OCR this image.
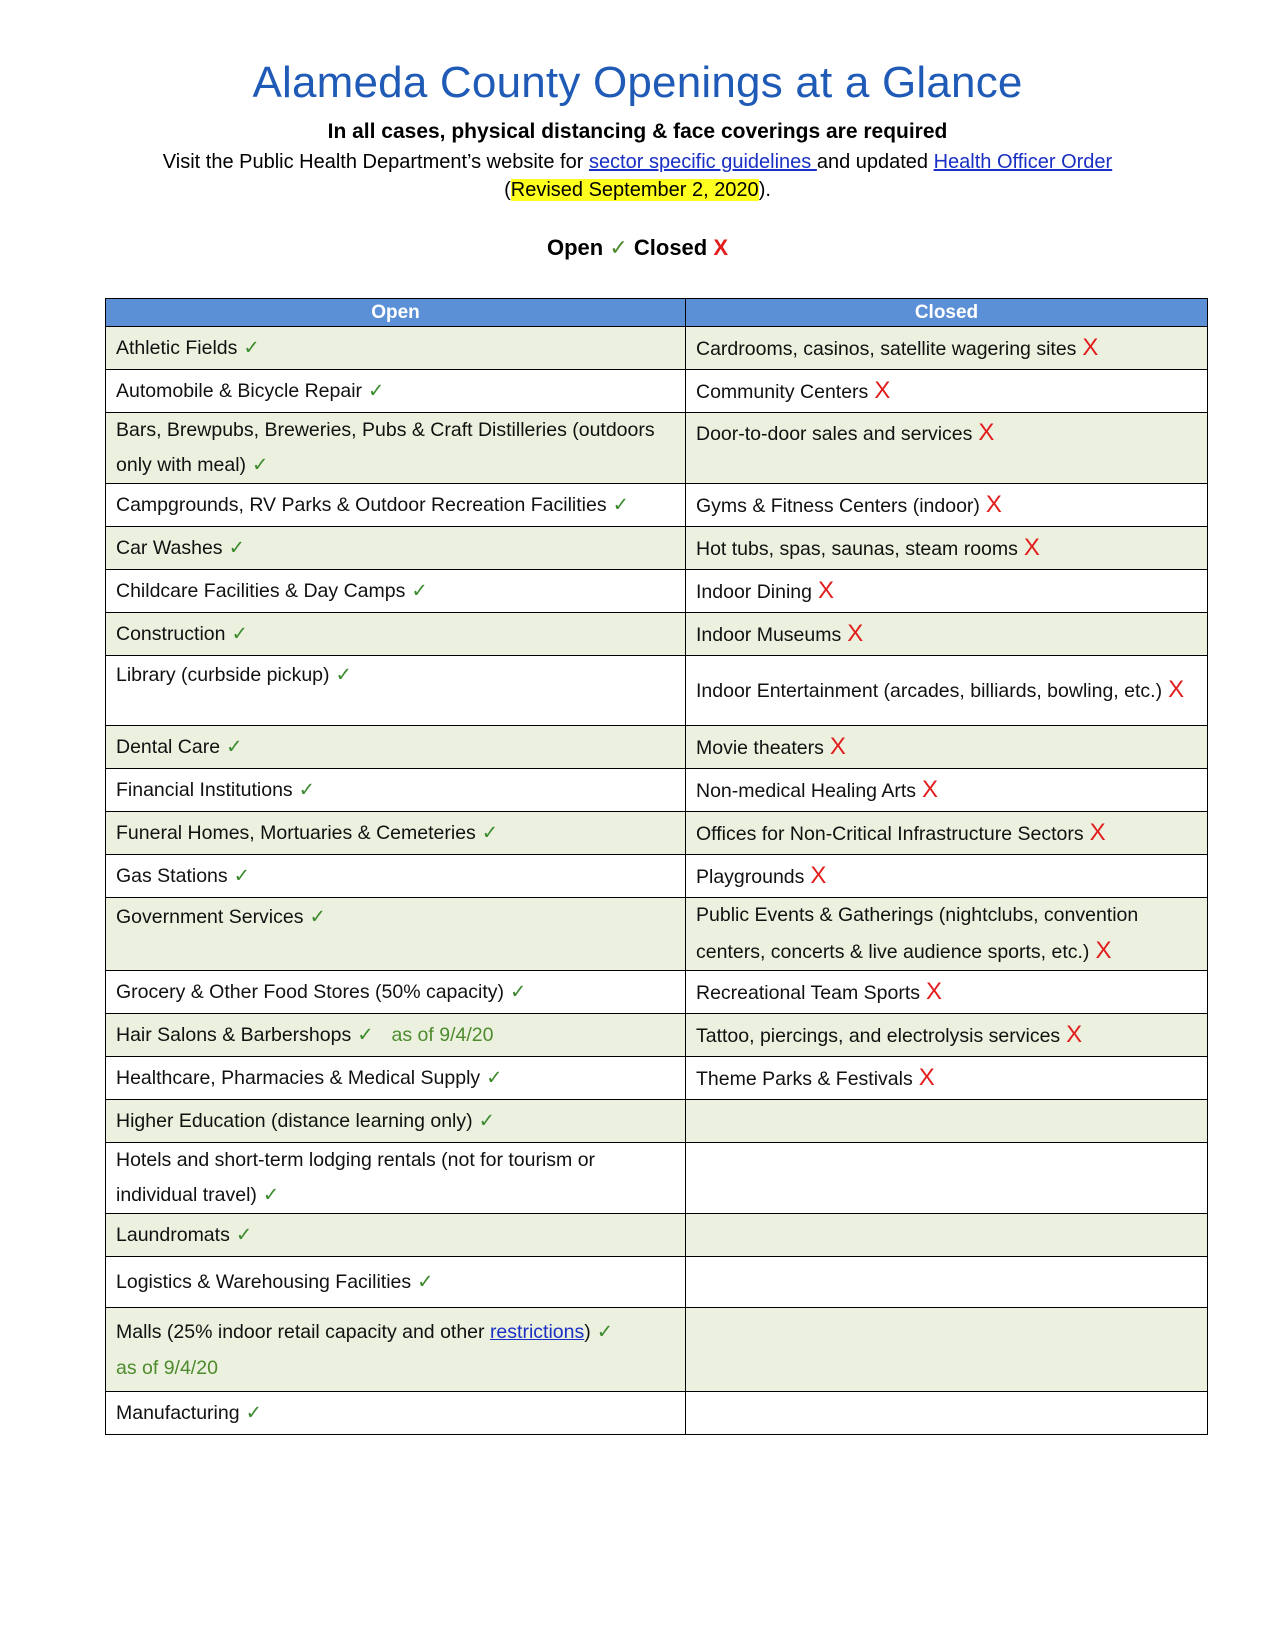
Alameda County Openings at a Glance
In all cases, physical distancing & face coverings are required
Visit the Public Health Department’s website for sector specific guidelines and updated Health Officer Order (Revised September 2, 2020).
Open ✓ Closed X
Open	Closed
Athletic Fields ✓	Cardrooms, casinos, satellite wagering sites X
Automobile & Bicycle Repair ✓	Community Centers X
Bars, Brewpubs, Breweries, Pubs & Craft Distilleries (outdoors only with meal) ✓	Door-to-door sales and services X
Campgrounds, RV Parks & Outdoor Recreation Facilities ✓	Gyms & Fitness Centers (indoor) X
Car Washes ✓	Hot tubs, spas, saunas, steam rooms X
Childcare Facilities & Day Camps ✓	Indoor Dining X
Construction ✓	Indoor Museums X
Library (curbside pickup) ✓	Indoor Entertainment (arcades, billiards, bowling, etc.) X
Dental Care ✓	Movie theaters X
Financial Institutions ✓	Non-medical Healing Arts X
Funeral Homes, Mortuaries & Cemeteries ✓	Offices for Non-Critical Infrastructure Sectors X
Gas Stations ✓	Playgrounds X
Government Services ✓	Public Events & Gatherings (nightclubs, convention centers, concerts & live audience sports, etc.) X
Grocery & Other Food Stores (50% capacity) ✓	Recreational Team Sports X
Hair Salons & Barbershops ✓ as of 9/4/20	Tattoo, piercings, and electrolysis services X
Healthcare, Pharmacies & Medical Supply ✓	Theme Parks & Festivals X
Higher Education (distance learning only) ✓	
Hotels and short-term lodging rentals (not for tourism or individual travel) ✓	
Laundromats ✓	
Logistics & Warehousing Facilities ✓	
Malls (25% indoor retail capacity and other restrictions) ✓
as of 9/4/20	
Manufacturing ✓	
